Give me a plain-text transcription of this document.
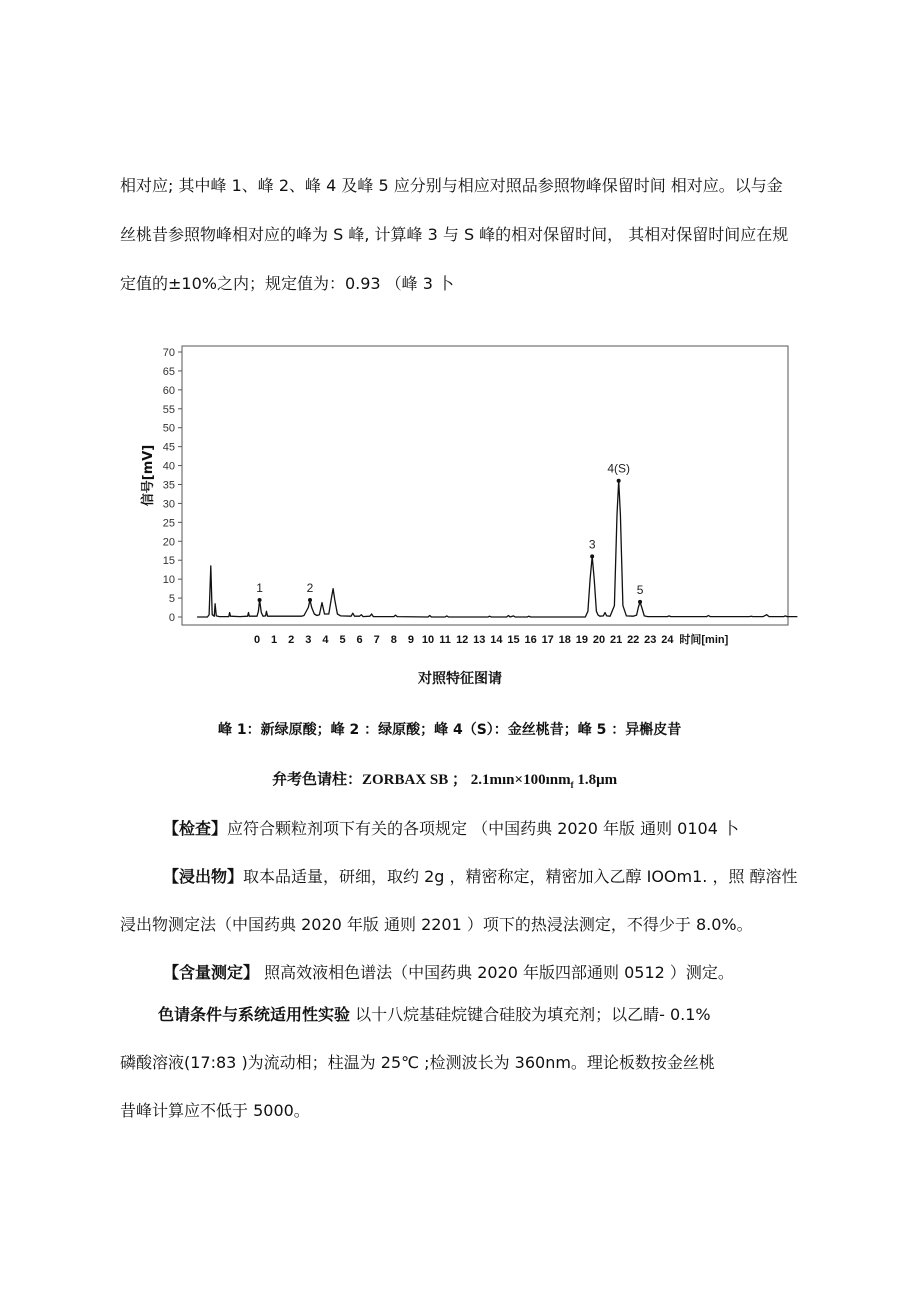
相对应; 其中峰 1、峰 2、峰 4 及峰 5 应分别与相应对照品参照物峰保留时间 相对应。以与金
丝桃昔参照物峰相对应的峰为 S 峰, 计算峰 3 与 S 峰的相对保留时间， 其相对保留时间应在规
定值的±10%之内；规定值为：0.93 （峰 3 卜
0
5
10
15
20
25
30
35
40
45
50
55
60
65
70
信号[mV]
0 1 2 3 4 5 6 7 8 9 10 11 12 13 14 15 16 17 18 19 20 21 22 23 24 时间[min]
1	2
3
4(S)
5
对照特征图请
峰 1：新绿原酸；峰 2 ：绿原酸；峰 4（S）：金丝桃昔；峰 5 ：异槲皮昔
弁考色请柱：ZORBAX SB ； 2.1mın×100ınm$_f$ 1.8μm
【检查】应符合颗粒剂项下有关的各项规定 （中国药典 2020 年版 通则 0104 卜
【浸出物】取本品适量，研细，取约 2g ，精密称定，精密加入乙醇 IOOm1. ，照 醇溶性
浸出物测定法（中国药典 2020 年版 通则 2201 ）项下的热浸法测定，不得少于 8.0%。
【含量测定】 照高效液相色谱法（中国药典 2020 年版四部通则 0512 ）测定。
色请条件与系统适用性实验 以十八烷基硅烷键合硅胶为填充剂；以乙睛- 0.1%
磷酸溶液(17:83 )为流动相；柱温为 25℃ ;检测波长为 360nm。理论板数按金丝桃
昔峰计算应不低于 5000。
